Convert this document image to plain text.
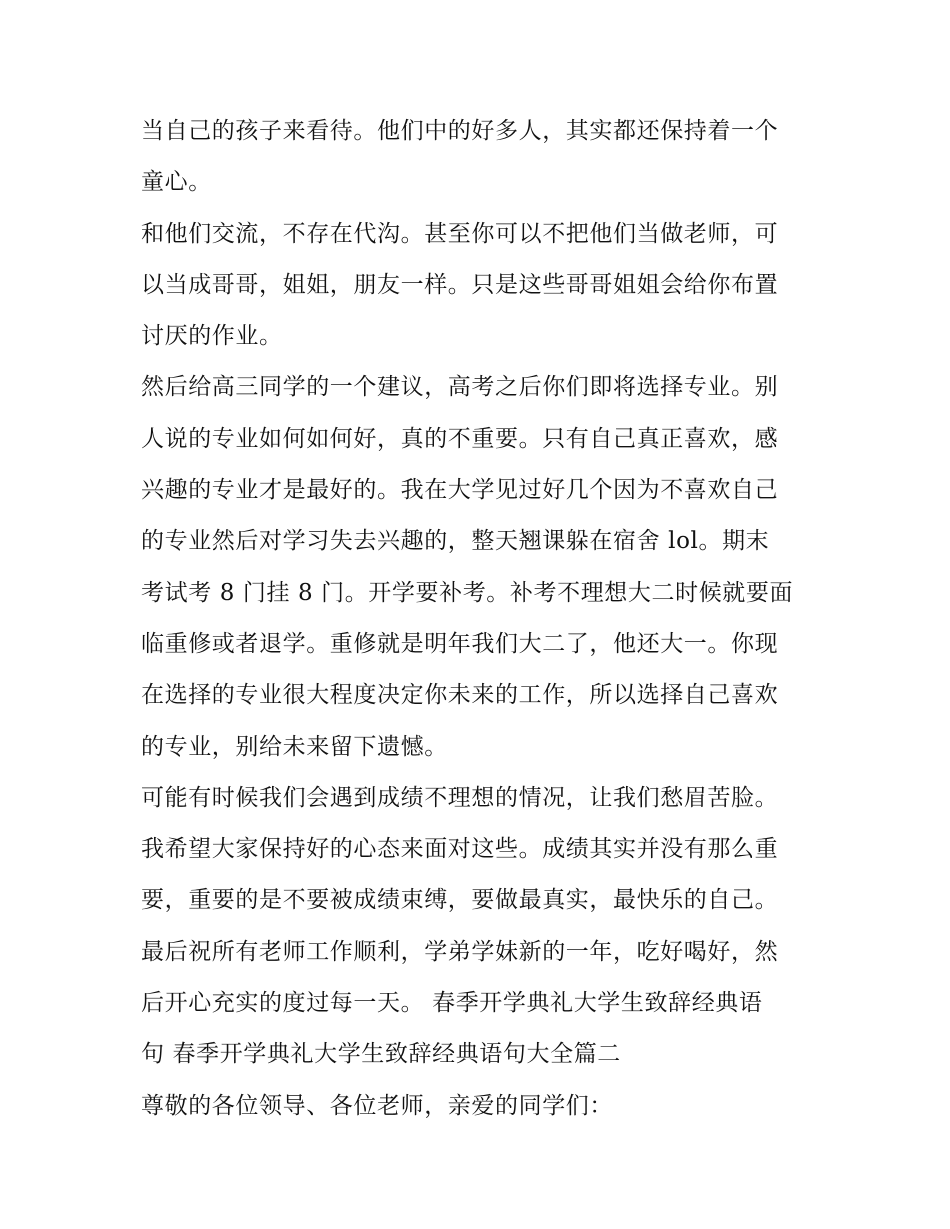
当自己的孩子来看待。他们中的好多人，其实都还保持着一个
童心。
和他们交流，不存在代沟。甚至你可以不把他们当做老师，可
以当成哥哥，姐姐，朋友一样。只是这些哥哥姐姐会给你布置
讨厌的作业。
然后给高三同学的一个建议，高考之后你们即将选择专业。别
人说的专业如何如何好，真的不重要。只有自己真正喜欢，感
兴趣的专业才是最好的。我在大学见过好几个因为不喜欢自己
的专业然后对学习失去兴趣的，整天翘课躲在宿舍 lol。期末
考试考 8 门挂 8 门。开学要补考。补考不理想大二时候就要面
临重修或者退学。重修就是明年我们大二了，他还大一。你现
在选择的专业很大程度决定你未来的工作，所以选择自己喜欢
的专业，别给未来留下遗憾。
可能有时候我们会遇到成绩不理想的情况，让我们愁眉苦脸。
我希望大家保持好的心态来面对这些。成绩其实并没有那么重
要，重要的是不要被成绩束缚，要做最真实，最快乐的自己。
最后祝所有老师工作顺利，学弟学妹新的一年，吃好喝好，然
后开心充实的度过每一天。 春季开学典礼大学生致辞经典语
句 春季开学典礼大学生致辞经典语句大全篇二
尊敬的各位领导、各位老师，亲爱的同学们：
